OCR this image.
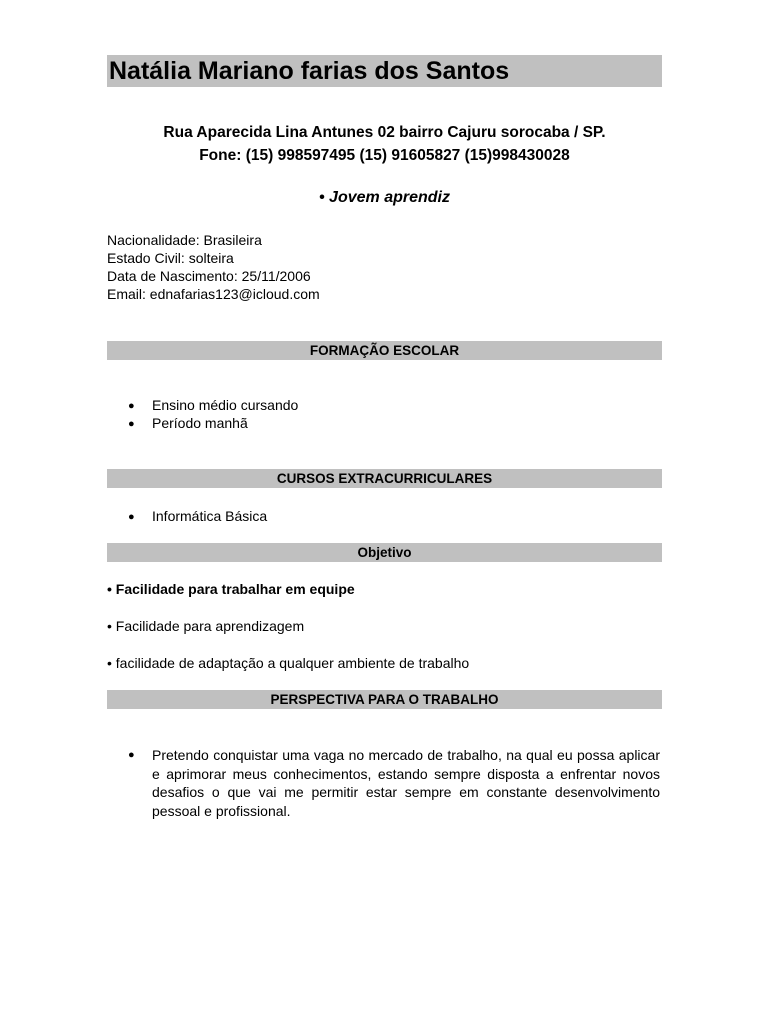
Natália Mariano farias dos Santos
Rua Aparecida Lina Antunes 02 bairro Cajuru sorocaba / SP.
Fone: (15) 998597495 (15) 91605827 (15)998430028
• Jovem aprendiz
Nacionalidade: Brasileira
Estado Civil: solteira
Data de Nascimento: 25/11/2006
Email: ednafarias123@icloud.com
FORMAÇÃO ESCOLAR
● Ensino médio cursando
● Período manhã
CURSOS EXTRACURRICULARES
● Informática Básica
Objetivo
• Facilidade para trabalhar em equipe
• Facilidade para aprendizagem
• facilidade de adaptação a qualquer ambiente de trabalho
PERSPECTIVA PARA O TRABALHO
● Pretendo conquistar uma vaga no mercado de trabalho, na qual eu possa aplicar e aprimorar meus conhecimentos, estando sempre disposta a enfrentar novos desafios o que vai me permitir estar sempre em constante desenvolvimento pessoal e profissional.
